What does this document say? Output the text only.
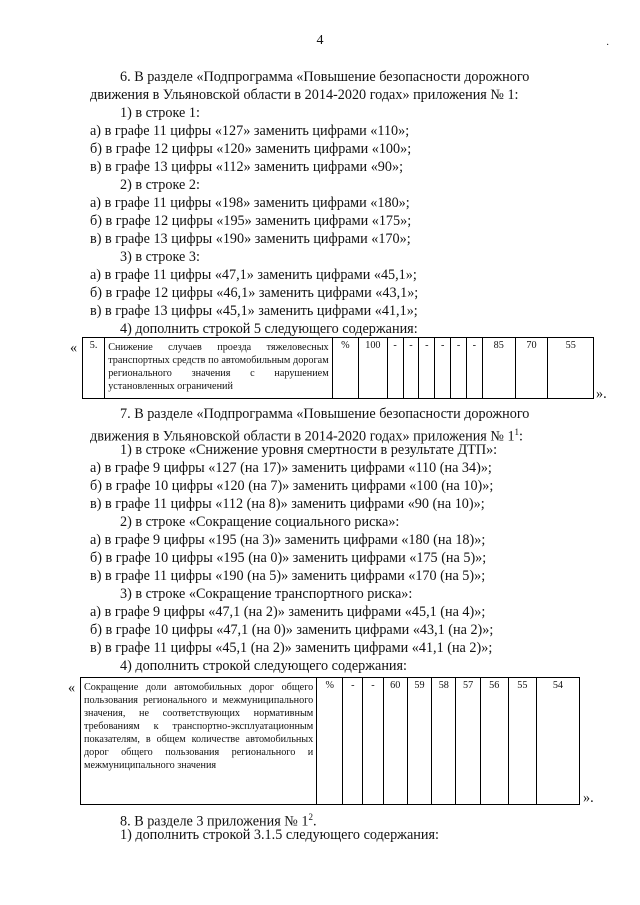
4	·
6. В разделе «Подпрограмма «Повышение безопасности дорожного
движения в Ульяновской области в 2014-2020 годах» приложения № 1:
1) в строке 1:
а) в графе 11 цифры «127» заменить цифрами «110»;
б) в графе 12 цифры «120» заменить цифрами «100»;
в) в графе 13 цифры «112» заменить цифрами «90»;
2) в строке 2:
а) в графе 11 цифры «198» заменить цифрами «180»;
б) в графе 12 цифры «195» заменить цифрами «175»;
в) в графе 13 цифры «190» заменить цифрами «170»;
3) в строке 3:
а) в графе 11 цифры «47,1» заменить цифрами «45,1»;
б) в графе 12 цифры «46,1» заменить цифрами «43,1»;
в) в графе 13 цифры «45,1» заменить цифрами «41,1»;
4) дополнить строкой 5 следующего содержания:
« 5.	Снижение случаев проезда тяжеловесных транспортных средств по автомобильным дорогам регионального значения с нарушением установленных ограничений	%	100	-	-	-	-	-	-	85	70	55
».
7. В разделе «Подпрограмма «Повышение безопасности дорожного
движения в Ульяновской области в 2014-2020 годах» приложения № $1^1$:
1) в строке «Снижение уровня смертности в результате ДТП»:
а) в графе 9 цифры «127 (на 17)» заменить цифрами «110 (на 34)»;
б) в графе 10 цифры «120 (на 7)» заменить цифрами «100 (на 10)»;
в) в графе 11 цифры «112 (на 8)» заменить цифрами «90 (на 10)»;
2) в строке «Сокращение социального риска»:
а) в графе 9 цифры «195 (на 3)» заменить цифрами «180 (на 18)»;
б) в графе 10 цифры «195 (на 0)» заменить цифрами «175 (на 5)»;
в) в графе 11 цифры «190 (на 5)» заменить цифрами «170 (на 5)»;
3) в строке «Сокращение транспортного риска»:
а) в графе 9 цифры «47,1 (на 2)» заменить цифрами «45,1 (на 4)»;
б) в графе 10 цифры «47,1 (на 0)» заменить цифрами «43,1 (на 2)»;
в) в графе 11 цифры «45,1 (на 2)» заменить цифрами «41,1 (на 2)»;
4) дополнить строкой следующего содержания:
« Сокращение доли автомобильных дорог общего пользования регионального и межмуниципального значения, не соответствующих нормативным требованиям к транспортно-эксплуатационным показателям, в общем количестве автомобильных дорог общего пользования регионального и межмуниципального значения	%	-	-	60	59	58	57	56	55	54
».
8. В разделе 3 приложения № $1^2$.
1) дополнить строкой 3.1.5 следующего содержания:
